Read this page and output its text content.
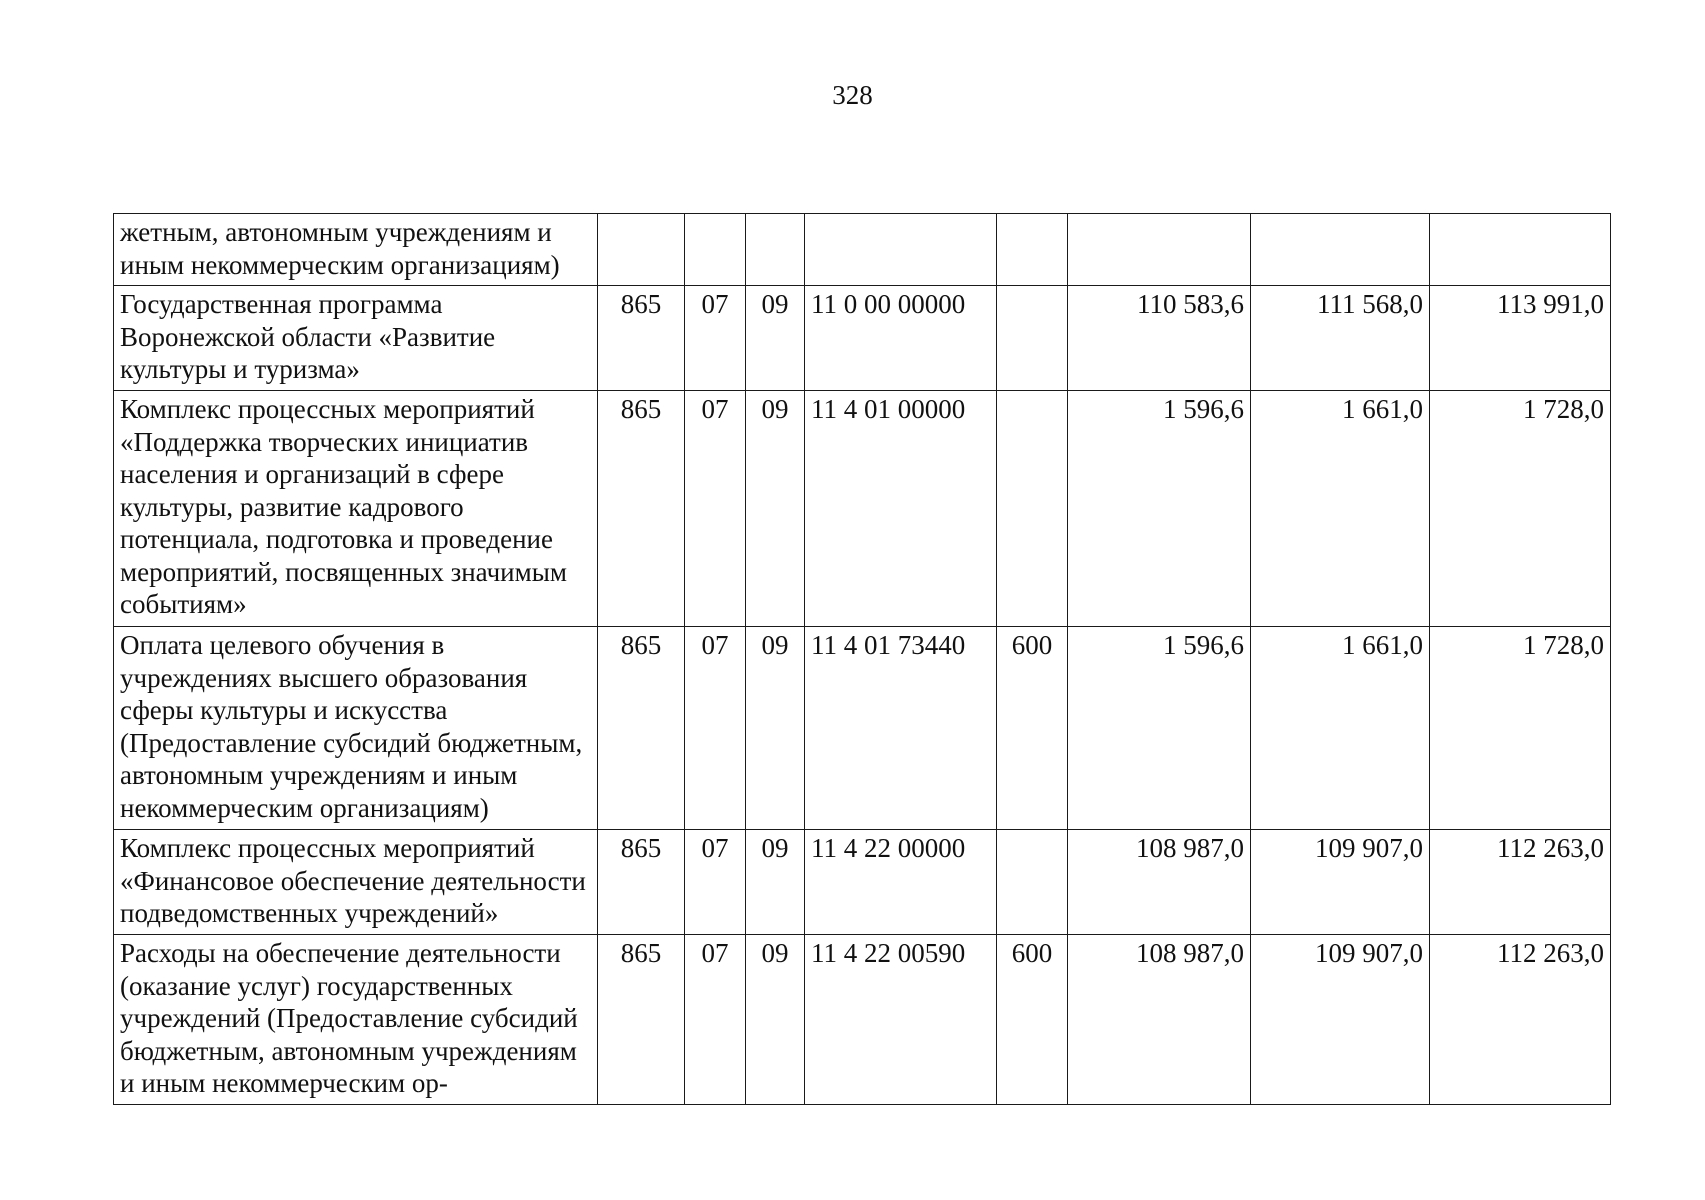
328
жетным, автономным учреждениям и иным некоммерческим организациям)								
Государственная программа Воронежской области «Развитие культуры и туризма»	865	07	09	11 0 00 00000		110 583,6	111 568,0	113 991,0
Комплекс процессных мероприятий «Поддержка творческих инициатив населения и организаций в сфере культуры, развитие кадрового потенциала, подготовка и проведение мероприятий, посвященных значимым событиям»	865	07	09	11 4 01 00000		1 596,6	1 661,0	1 728,0
Оплата целевого обучения в учреждениях высшего образования сферы культуры и искусства (Предоставление субсидий бюджетным, автономным учреждениям и иным некоммерческим организациям)	865	07	09	11 4 01 73440	600	1 596,6	1 661,0	1 728,0
Комплекс процессных мероприятий «Финансовое обеспечение деятельности подведомственных учреждений»	865	07	09	11 4 22 00000		108 987,0	109 907,0	112 263,0
Расходы на обеспечение деятельности (оказание услуг) государственных учреждений (Предоставление субсидий бюджетным, автономным учреждениям и иным некоммерческим ор-	865	07	09	11 4 22 00590	600	108 987,0	109 907,0	112 263,0
